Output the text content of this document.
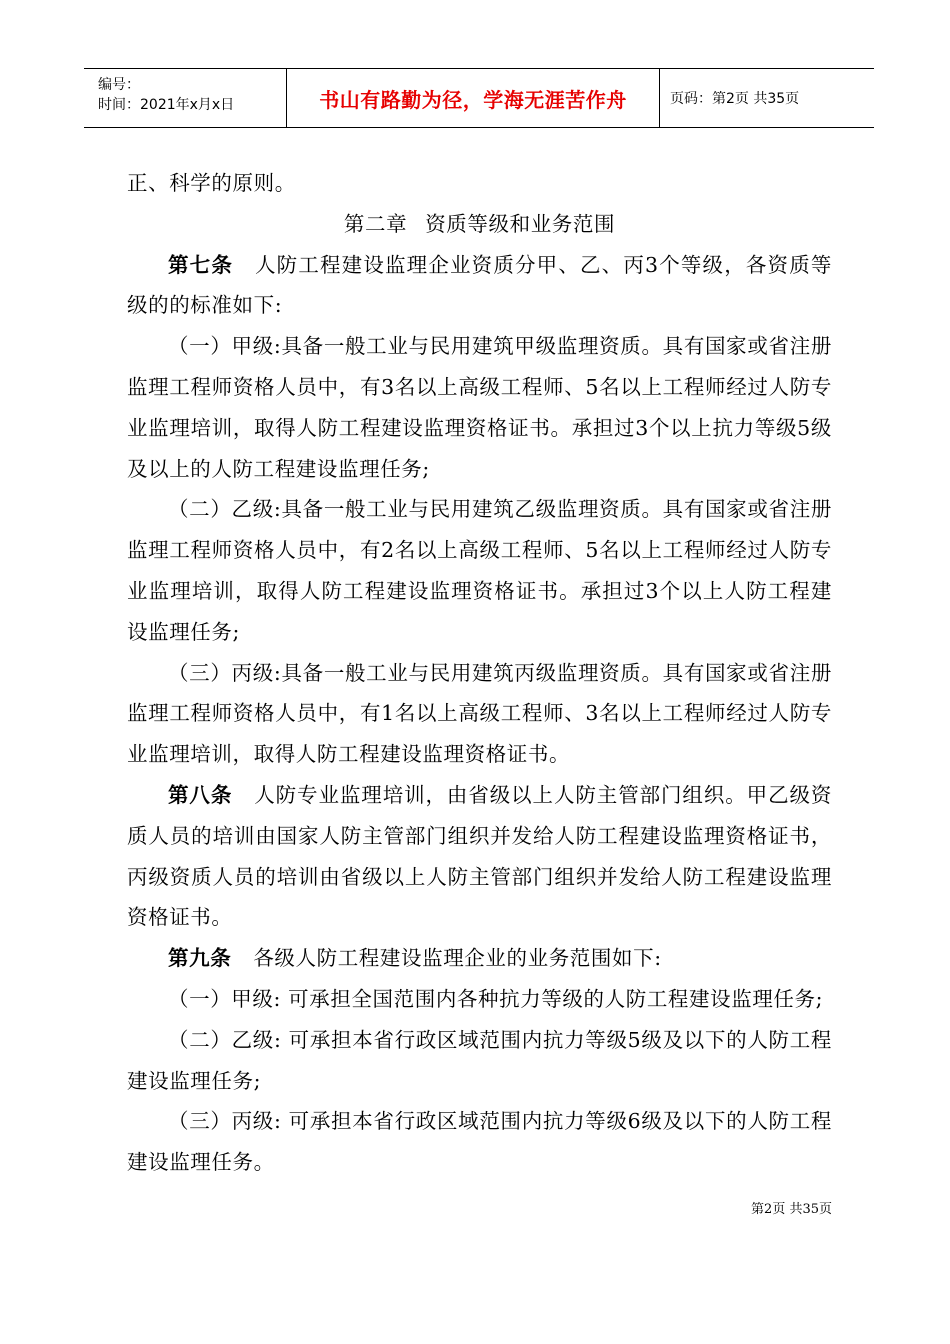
编号：
时间：2021年x月x日	书山有路勤为径，学海无涯苦作舟	页码：第2页 共35页

正、科学的原则。

第二章 资质等级和业务范围

第七条 人防工程建设监理企业资质分甲、乙、丙3个等级，各资质等级的的标准如下:

（一）甲级:具备一般工业与民用建筑甲级监理资质。具有国家或省注册监理工程师资格人员中，有3名以上高级工程师、5名以上工程师经过人防专业监理培训，取得人防工程建设监理资格证书。承担过3个以上抗力等级5级及以上的人防工程建设监理任务;

（二）乙级:具备一般工业与民用建筑乙级监理资质。具有国家或省注册监理工程师资格人员中，有2名以上高级工程师、5名以上工程师经过人防专业监理培训，取得人防工程建设监理资格证书。承担过3个以上人防工程建设监理任务;

（三）丙级:具备一般工业与民用建筑丙级监理资质。具有国家或省注册监理工程师资格人员中，有1名以上高级工程师、3名以上工程师经过人防专业监理培训，取得人防工程建设监理资格证书。

第八条 人防专业监理培训，由省级以上人防主管部门组织。甲乙级资质人员的培训由国家人防主管部门组织并发给人防工程建设监理资格证书，丙级资质人员的培训由省级以上人防主管部门组织并发给人防工程建设监理资格证书。

第九条 各级人防工程建设监理企业的业务范围如下:

（一）甲级: 可承担全国范围内各种抗力等级的人防工程建设监理任务;

（二）乙级: 可承担本省行政区域范围内抗力等级5级及以下的人防工程建设监理任务;

（三）丙级: 可承担本省行政区域范围内抗力等级6级及以下的人防工程建设监理任务。

第2页 共35页
